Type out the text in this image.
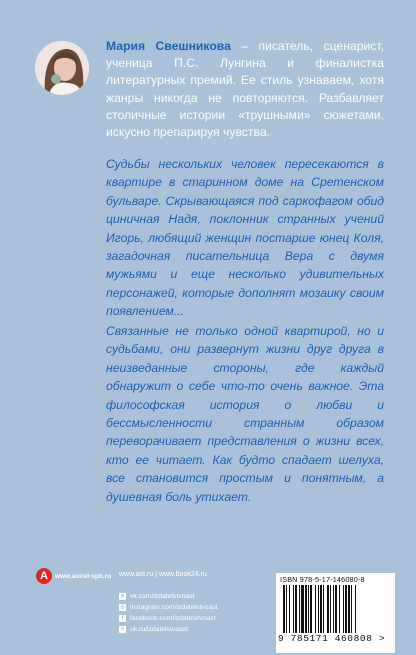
Мария Свешникова – писатель, сценарист, ученица П.С. Лунгина и финалистка литературных премий. Ее стиль узнаваем, хотя жанры никогда не повторяются. Разбавляет столичные истории «трушными» сюжетами, искусно препарируя чувства.

Судьбы нескольких человек пересекаются в квартире в старинном доме на Сретенском бульваре. Скрывающаяся под саркофагом обид циничная Надя, поклонник странных учений Игорь, любящий женщин постарше юнец Коля, загадочная писательница Вера с двумя мужьями и еще несколько удивительных персонажей, которые дополнят мозаику своим появлением...

Связанные не только одной квартирой, но и судьбами, они развернут жизни друг друга в неизведанные стороны, где каждый обнаружит о себе что-то очень важное. Эта философская история о любви и бессмысленности странным образом переворачивает представления о жизни всех, кто ее читает. Как будто спадает шелуха, все становится простым и понятным, а душевная боль утихает.

А	www.astrel-spb.ru www.ast.ru | www.book24.ru
в vk.com/izdatelstvoast
◎ instagram.com/izdatelstvoast
f facebook.com/izdatelstvoast
о ok.ru/izdatelstvoast
ISBN 978-5-17-146080-8
9 785171 460808 >
